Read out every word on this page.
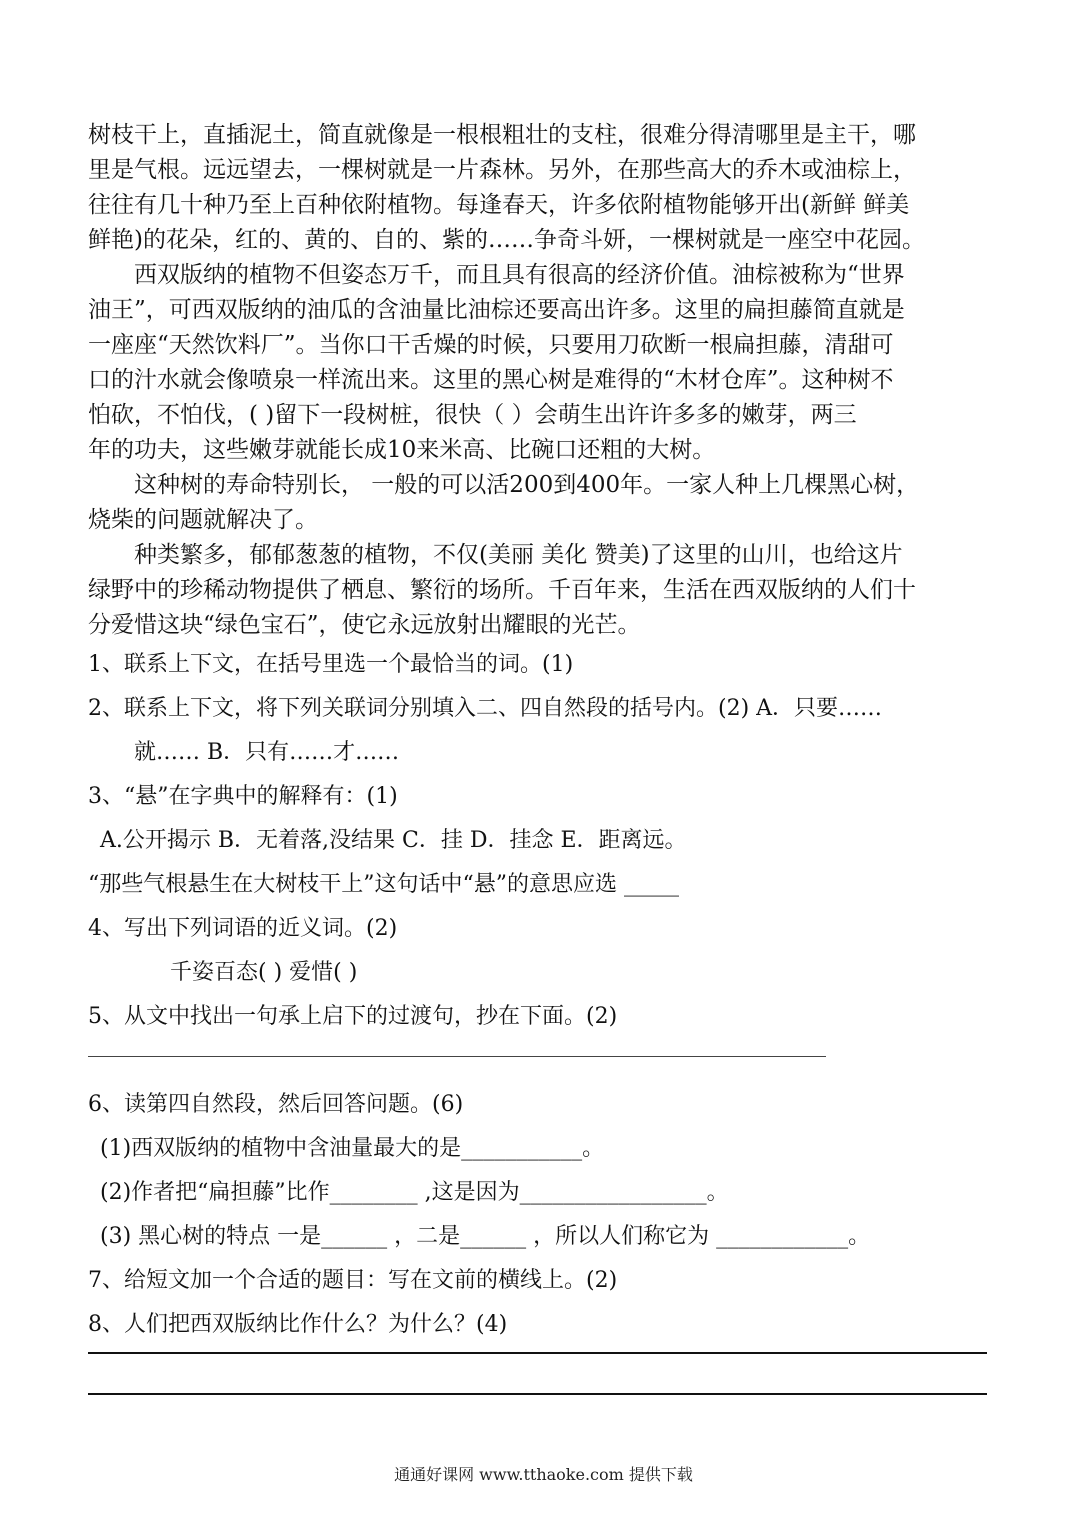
树枝干上，直插泥土，简直就像是一根根粗壮的支柱，很难分得清哪里是主干，哪
里是气根。远远望去，一棵树就是一片森林。另外，在那些高大的乔木或油棕上，
往往有几十种乃至上百种依附植物。每逢春天，许多依附植物能够开出(新鲜 鲜美
鲜艳)的花朵，红的、黄的、自的、紫的……争奇斗妍，一棵树就是一座空中花园。
西双版纳的植物不但姿态万千，而且具有很高的经济价值。油棕被称为“世界
油王”，可西双版纳的油瓜的含油量比油棕还要高出许多。这里的扁担藤简直就是
一座座“天然饮料厂”。当你口干舌燥的时候，只要用刀砍断一根扁担藤，清甜可
口的汁水就会像喷泉一样流出来。这里的黑心树是难得的“木材仓库”。这种树不
怕砍，不怕伐，( )留下一段树桩，很快（ ）会萌生出许许多多的嫩芽，两三
年的功夫，这些嫩芽就能长成10来米高、比碗口还粗的大树。
这种树的寿命特别长， 一般的可以活200到400年。一家人种上几棵黑心树，
烧柴的问题就解决了。
种类繁多，郁郁葱葱的植物，不仅(美丽 美化 赞美)了这里的山川，也给这片
绿野中的珍稀动物提供了栖息、繁衍的场所。千百年来，生活在西双版纳的人们十
分爱惜这块“绿色宝石”，使它永远放射出耀眼的光芒。
1、联系上下文，在括号里选一个最恰当的词。(1)
2、联系上下文，将下列关联词分别填入二、四自然段的括号内。(2) A．只要……
就…… B．只有……才……
3、“悬”在字典中的解释有：(1)
A.公开揭示 B．无着落,没结果 C．挂 D．挂念 E．距离远。
“那些气根悬生在大树枝干上”这句话中“悬”的意思应选 _____
4、写出下列词语的近义词。(2)
千姿百态( ) 爱惜( )
5、从文中找出一句承上启下的过渡句，抄在下面。(2)
6、读第四自然段，然后回答问题。(6)
(1)西双版纳的植物中含油量最大的是___________。
(2)作者把“扁担藤”比作________ ,这是因为_________________。
(3) 黑心树的特点 一是______ ，二是______ ，所以人们称它为 ____________。
7、给短文加一个合适的题目：写在文前的横线上。(2)
8、人们把西双版纳比作什么？为什么？(4)
通通好课网 www.tthaoke.com 提供下载
